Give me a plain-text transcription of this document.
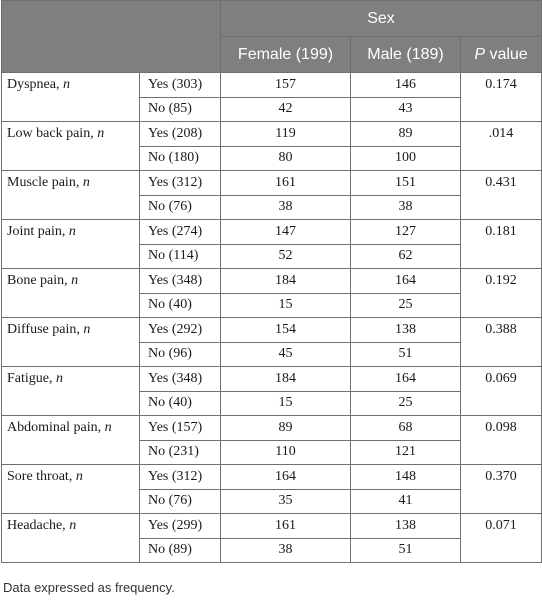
		Sex		
		Female (199)	Male (189)	P value
Dyspnea, n	Yes (303)	157	146	0.174
	No (85)	42	43	
Low back pain, n	Yes (208)	119	89	.014
	No (180)	80	100	
Muscle pain, n	Yes (312)	161	151	0.431
	No (76)	38	38	
Joint pain, n	Yes (274)	147	127	0.181
	No (114)	52	62	
Bone pain, n	Yes (348)	184	164	0.192
	No (40)	15	25	
Diffuse pain, n	Yes (292)	154	138	0.388
	No (96)	45	51	
Fatigue, n	Yes (348)	184	164	0.069
	No (40)	15	25	
Abdominal pain, n	Yes (157)	89	68	0.098
	No (231)	110	121	
Sore throat, n	Yes (312)	164	148	0.370
	No (76)	35	41	
Headache, n	Yes (299)	161	138	0.071
	No (89)	38	51	
Data expressed as frequency.
